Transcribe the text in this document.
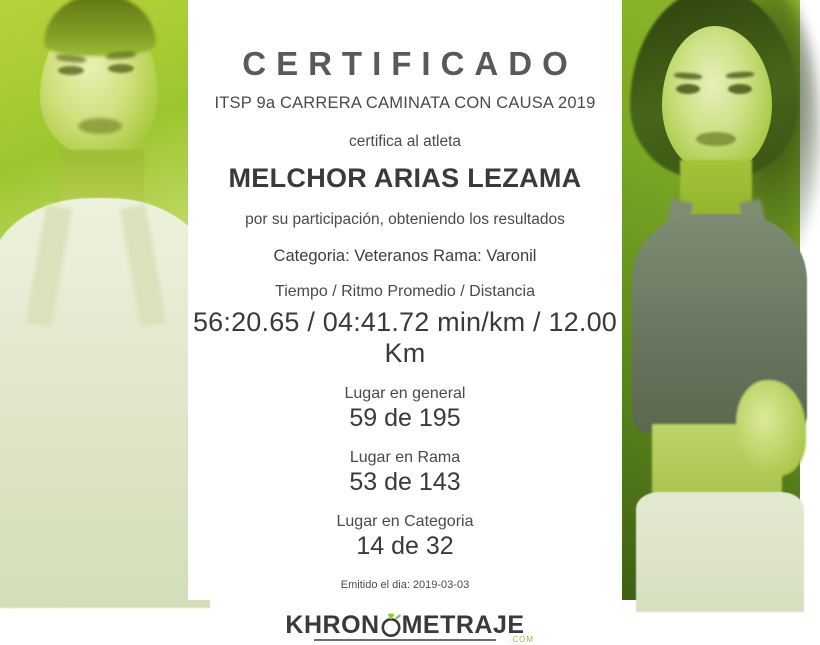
CERTIFICADO
ITSP 9a CARRERA CAMINATA CON CAUSA 2019
certifica al atleta
MELCHOR ARIAS LEZAMA
por su participación, obteniendo los resultados
Categoria: Veteranos Rama: Varonil
Tiempo / Ritmo Promedio / Distancia
56:20.65 / 04:41.72 min/km / 12.00 Km
Lugar en general
59 de 195
Lugar en Rama
53 de 143
Lugar en Categoria
14 de 32
Emitido el dia: 2019-03-03
KHRON METRAJE
.COM
